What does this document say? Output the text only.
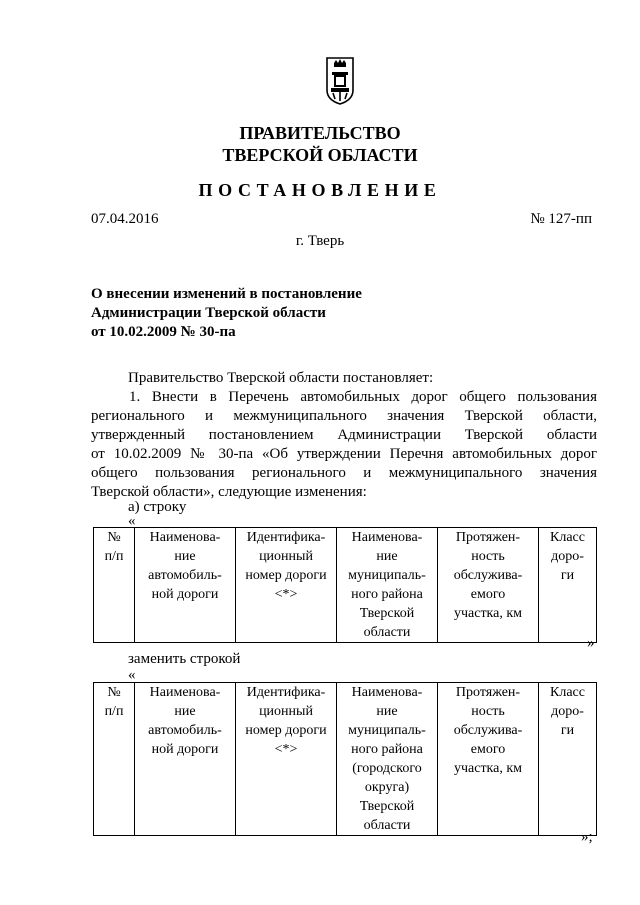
ПРАВИТЕЛЬСТВО
ТВЕРСКОЙ ОБЛАСТИ
ПОСТАНОВЛЕНИЕ
07.04.2016	№ 127-пп
г. Тверь
О внесении изменений в постановление
Администрации Тверской области
от 10.02.2009 № 30-па
Правительство Тверской области постановляет:
1. Внести в Перечень автомобильных дорог общего пользования
регионального и межмуниципального значения Тверской области,
утвержденный постановлением Администрации Тверской области
от 10.02.2009 № 30-па «Об утверждении Перечня автомобильных дорог
общего пользования регионального и межмуниципального значения
Тверской области», следующие изменения:
а) строку
«
№
п/п

Наименова-
ние
автомобиль-
ной дороги

Идентифика-
ционный
номер дороги
<*>

Наименова-
ние
муниципаль-
ного района
Тверской
области

Протяжен-
ность
обслужива-
емого
участка, км

Класс
доро-
ги
»
заменить строкой
«
№
п/п

Наименова-
ние
автомобиль-
ной дороги

Идентифика-
ционный
номер дороги
<*>

Наименова-
ние
муниципаль-
ного района
(городского
округа)
Тверской
области

Протяжен-
ность
обслужива-
емого
участка, км

Класс
доро-
ги
»;
